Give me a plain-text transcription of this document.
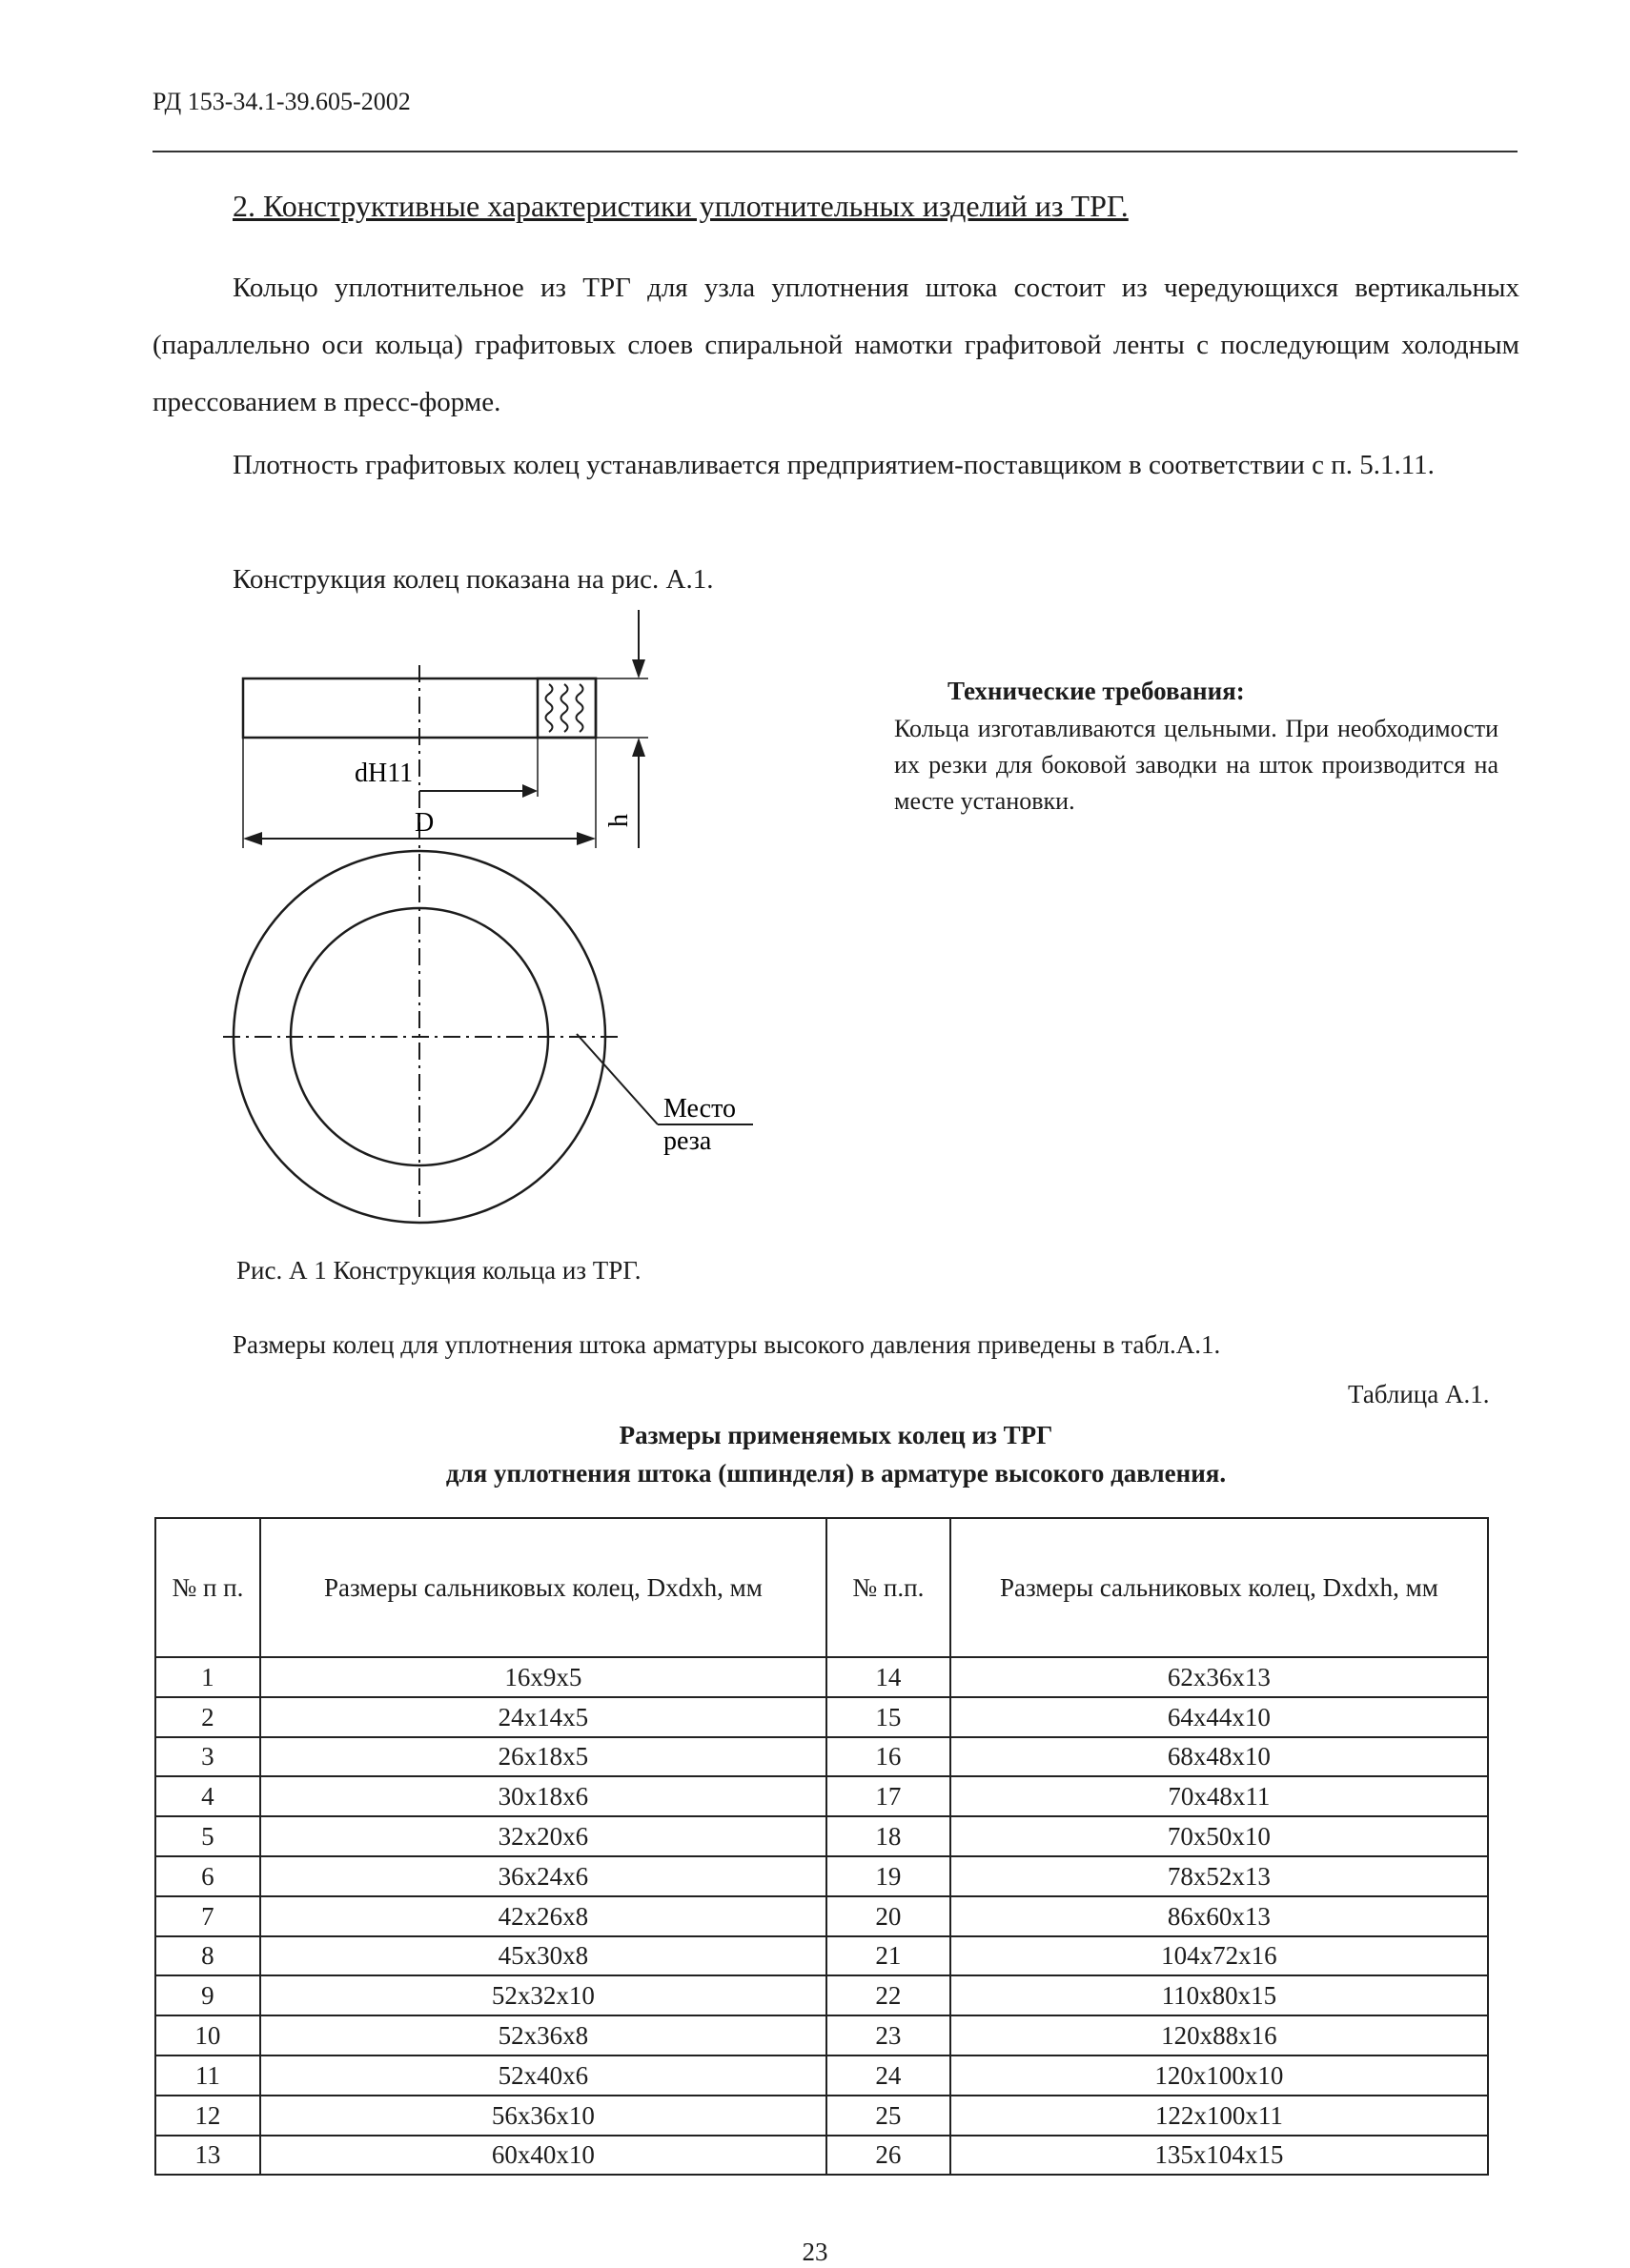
РД 153-34.1-39.605-2002
2. Конструктивные характеристики уплотнительных изделий из ТРГ.
Кольцо уплотнительное из ТРГ для узла уплотнения штока состоит из чередующихся вертикальных (параллельно оси кольца) графитовых слоев спиральной намотки графитовой ленты с последующим холодным прессованием в пресс-форме.
Плотность графитовых колец устанавливается предприятием-поставщиком в соответствии с п. 5.1.11.
Конструкция колец показана на рис. А.1.
dH11
D	h
Место
реза
Технические требования:
Кольца изготавливаются цельными. При необходимости их резки для боковой заводки на шток производится на месте установки.
Рис. А 1 Конструкция кольца из ТРГ.
Размеры колец для уплотнения штока арматуры высокого давления приведены в табл.А.1.
Таблица А.1.
Размеры применяемых колец из ТРГ
для уплотнения штока (шпинделя) в арматуре высокого давления.
№ п п.	Размеры сальниковых колец, Dxdxh, мм	№ п.п.	Размеры сальниковых колец, Dxdxh, мм
1	16x9x5	14	62x36x13
2	24x14x5	15	64x44x10
3	26x18x5	16	68x48x10
4	30x18x6	17	70x48x11
5	32x20x6	18	70x50x10
6	36x24x6	19	78x52x13
7	42x26x8	20	86x60x13
8	45x30x8	21	104x72x16
9	52x32x10	22	110x80x15
10	52x36x8	23	120x88x16
11	52x40x6	24	120x100x10
12	56x36x10	25	122x100x11
13	60x40x10	26	135x104x15
23
